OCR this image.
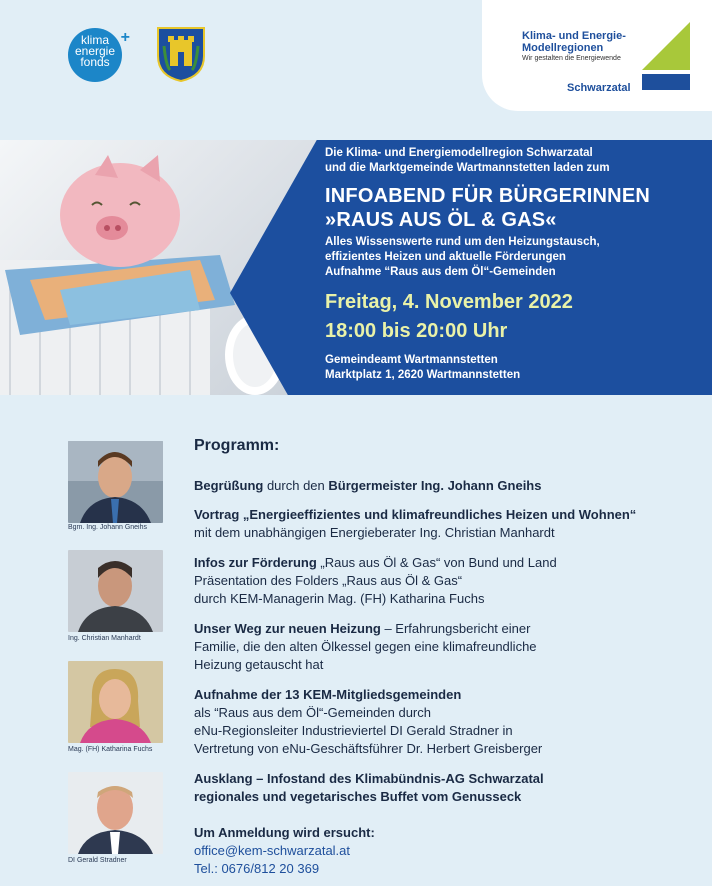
klima
energie
fonds
+	Klima- und Energie-
Modellregionen
Wir gestalten die Energiewende
Schwarzatal
Die Klima- und Energiemodellregion Schwarzatal
und die Marktgemeinde Wartmannstetten laden zum
INFOABEND FÜR BÜRGERINNEN
»RAUS AUS ÖL & GAS«
Alles Wissenswerte rund um den Heizungstausch,
effizientes Heizen und aktuelle Förderungen
Aufnahme “Raus aus dem Öl“-Gemeinden
Freitag, 4. November 2022
18:00 bis 20:00 Uhr
Gemeindeamt Wartmannstetten
Marktplatz 1, 2620 Wartmannstetten
Bgm. Ing. Johann Gneihs
Ing. Christian Manhardt
Mag. (FH) Katharina Fuchs
DI Gerald Stradner
Programm:
Begrüßung durch den Bürgermeister Ing. Johann Gneihs
Vortrag „Energieeffizientes und klimafreundliches Heizen und Wohnen“
mit dem unabhängigen Energieberater Ing. Christian Manhardt
Infos zur Förderung „Raus aus Öl & Gas“ von Bund und Land
Präsentation des Folders „Raus aus Öl & Gas“
durch KEM-Managerin Mag. (FH) Katharina Fuchs
Unser Weg zur neuen Heizung – Erfahrungsbericht einer
Familie, die den alten Ölkessel gegen eine klimafreundliche
Heizung getauscht hat
Aufnahme der 13 KEM-Mitgliedsgemeinden
als “Raus aus dem Öl“-Gemeinden durch
eNu-Regionsleiter Industrieviertel DI Gerald Stradner in
Vertretung von eNu-Geschäftsführer Dr. Herbert Greisberger
Ausklang – Infostand des Klimabündnis-AG Schwarzatal
regionales und vegetarisches Buffet vom Genusseck
Um Anmeldung wird ersucht:
office@kem-schwarzatal.at
Tel.: 0676/812 20 369
